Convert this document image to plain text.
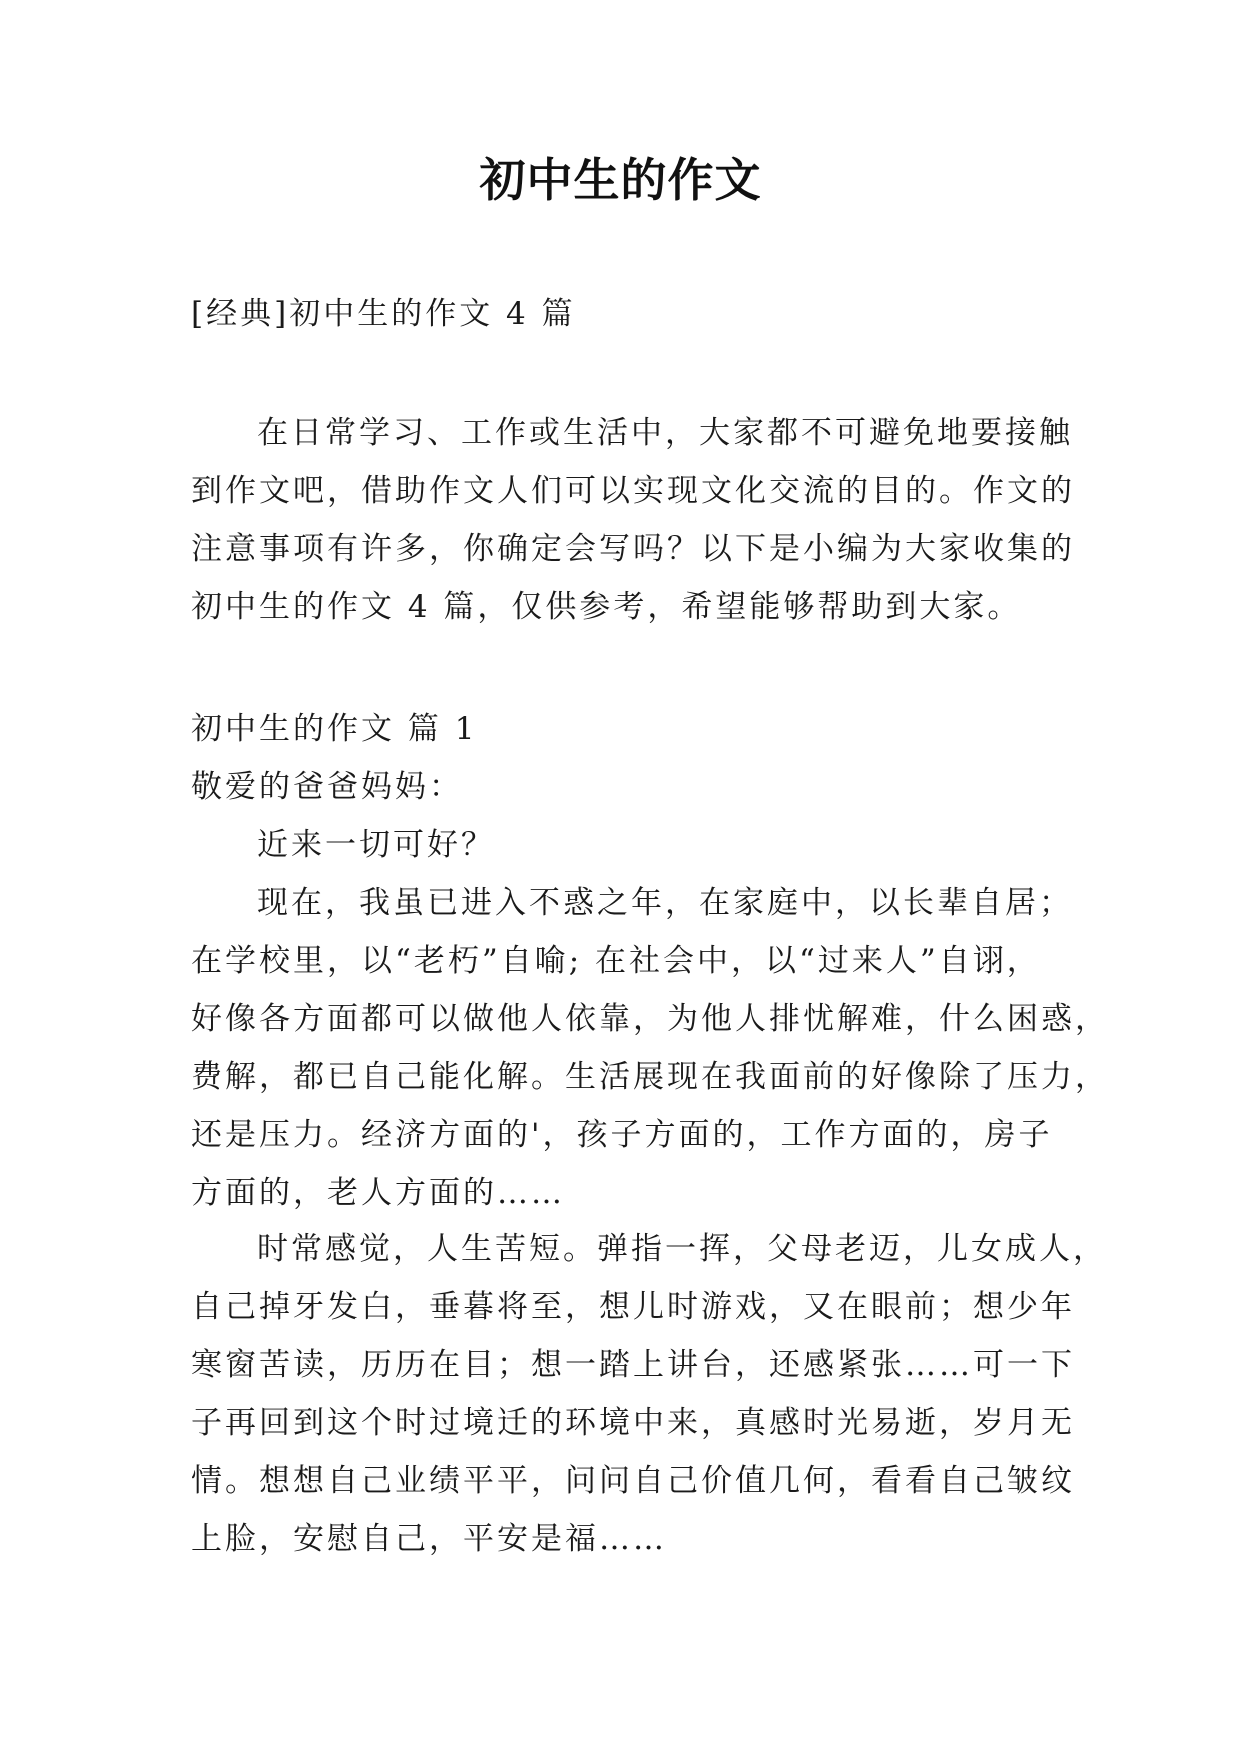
初中生的作文
[经典]初中生的作文 4 篇
在日常学习、工作或生活中，大家都不可避免地要接触
到作文吧，借助作文人们可以实现文化交流的目的。作文的
注意事项有许多，你确定会写吗？以下是小编为大家收集的
初中生的作文 4 篇，仅供参考，希望能够帮助到大家。
初中生的作文 篇 1
敬爱的爸爸妈妈：
近来一切可好？
现在，我虽已进入不惑之年，在家庭中，以长辈自居；
在学校里，以“老朽”自喻; 在社会中，以“过来人”自诩，
好像各方面都可以做他人依靠，为他人排忧解难，什么困惑，
费解，都已自己能化解。生活展现在我面前的好像除了压力，
还是压力。经济方面的'，孩子方面的，工作方面的，房子
方面的，老人方面的……
时常感觉，人生苦短。弹指一挥，父母老迈，儿女成人，
自己掉牙发白，垂暮将至，想儿时游戏，又在眼前；想少年
寒窗苦读，历历在目；想一踏上讲台，还感紧张……可一下
子再回到这个时过境迁的环境中来，真感时光易逝，岁月无
情。想想自己业绩平平，问问自己价值几何，看看自己皱纹
上脸，安慰自己，平安是福……
